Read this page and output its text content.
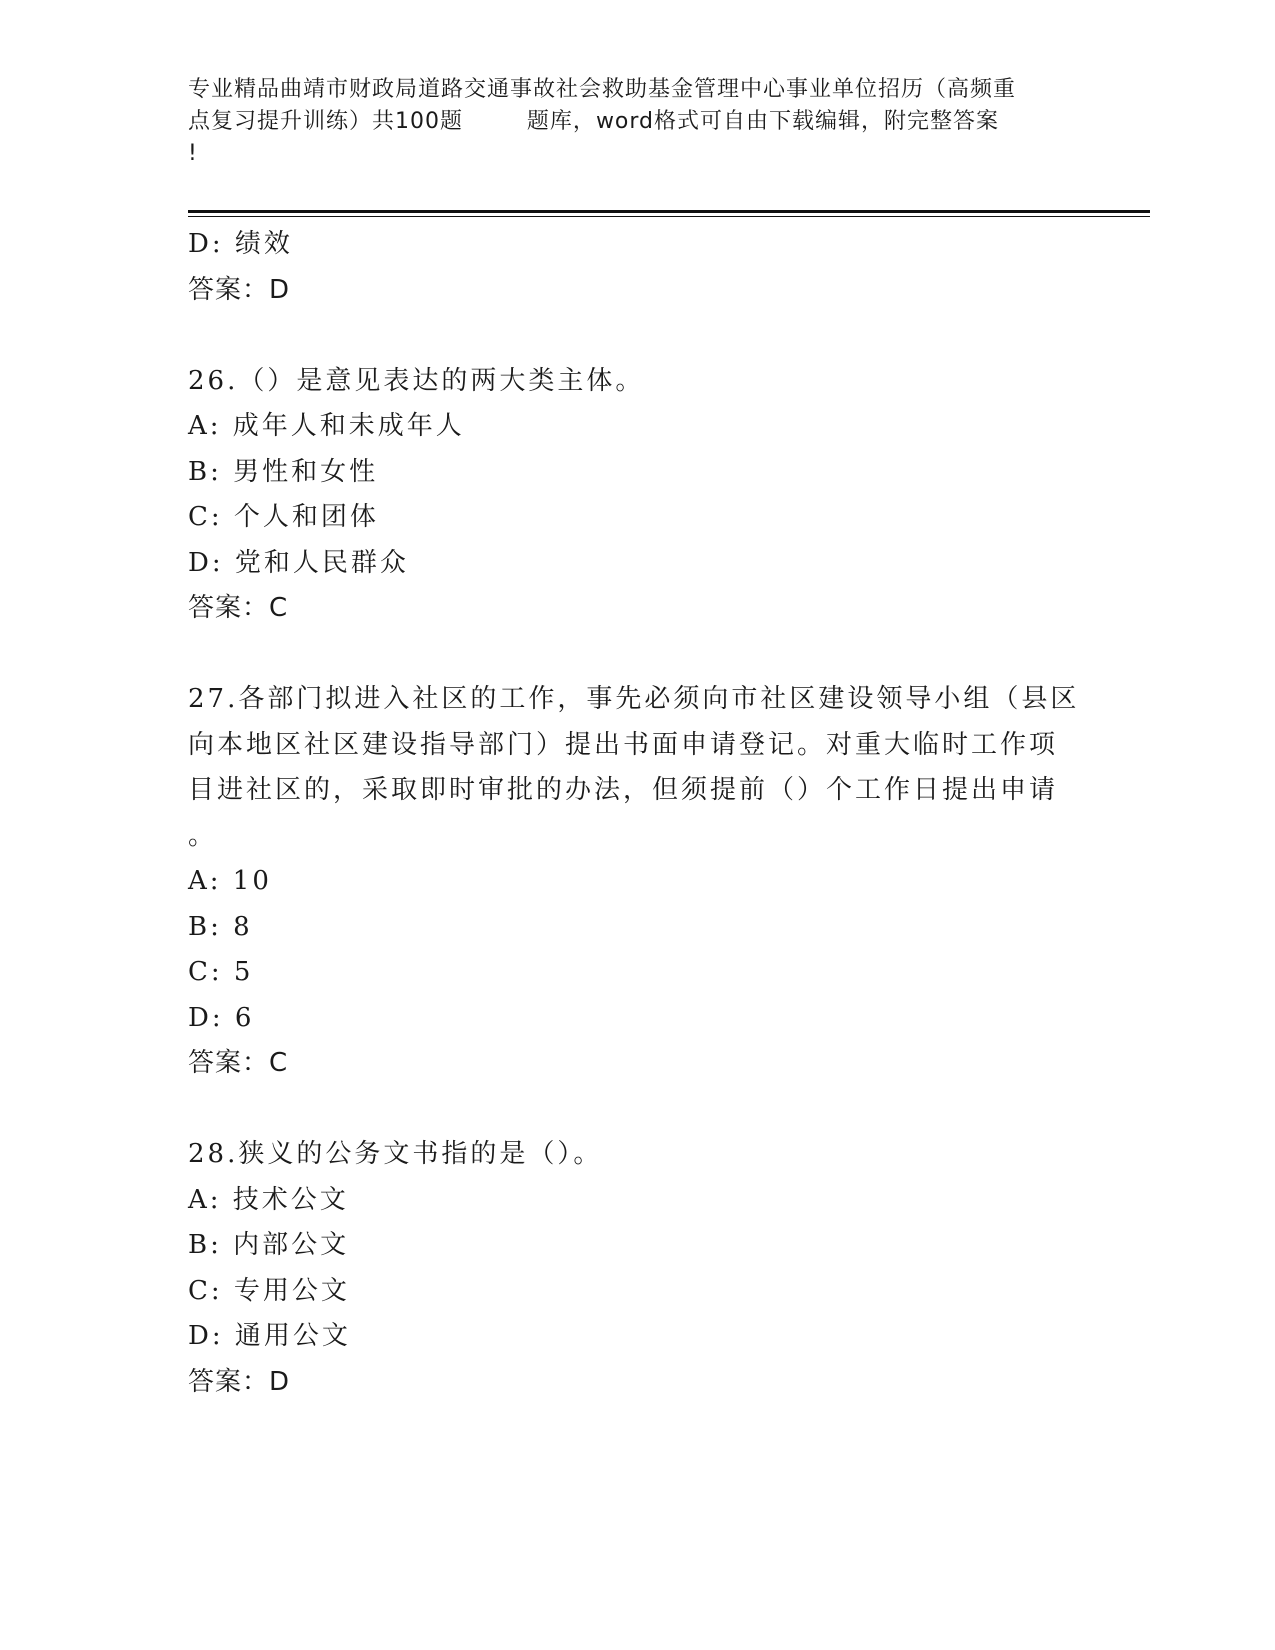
专业精品曲靖市财政局道路交通事故社会救助基金管理中心事业单位招历（高频重
点复习提升训练）共100题        题库，word格式可自由下载编辑，附完整答案
!
D: 绩效
答案：D
26.（）是意见表达的两大类主体。
A: 成年人和未成年人
B: 男性和女性
C: 个人和团体
D: 党和人民群众
答案：C
27.各部门拟进入社区的工作，事先必须向市社区建设领导小组（县区
向本地区社区建设指导部门）提出书面申请登记。对重大临时工作项
目进社区的，采取即时审批的办法，但须提前（）个工作日提出申请
。
A: 10
B: 8
C: 5
D: 6
答案：C
28.狭义的公务文书指的是（）。
A: 技术公文
B: 内部公文
C: 专用公文
D: 通用公文
答案：D
